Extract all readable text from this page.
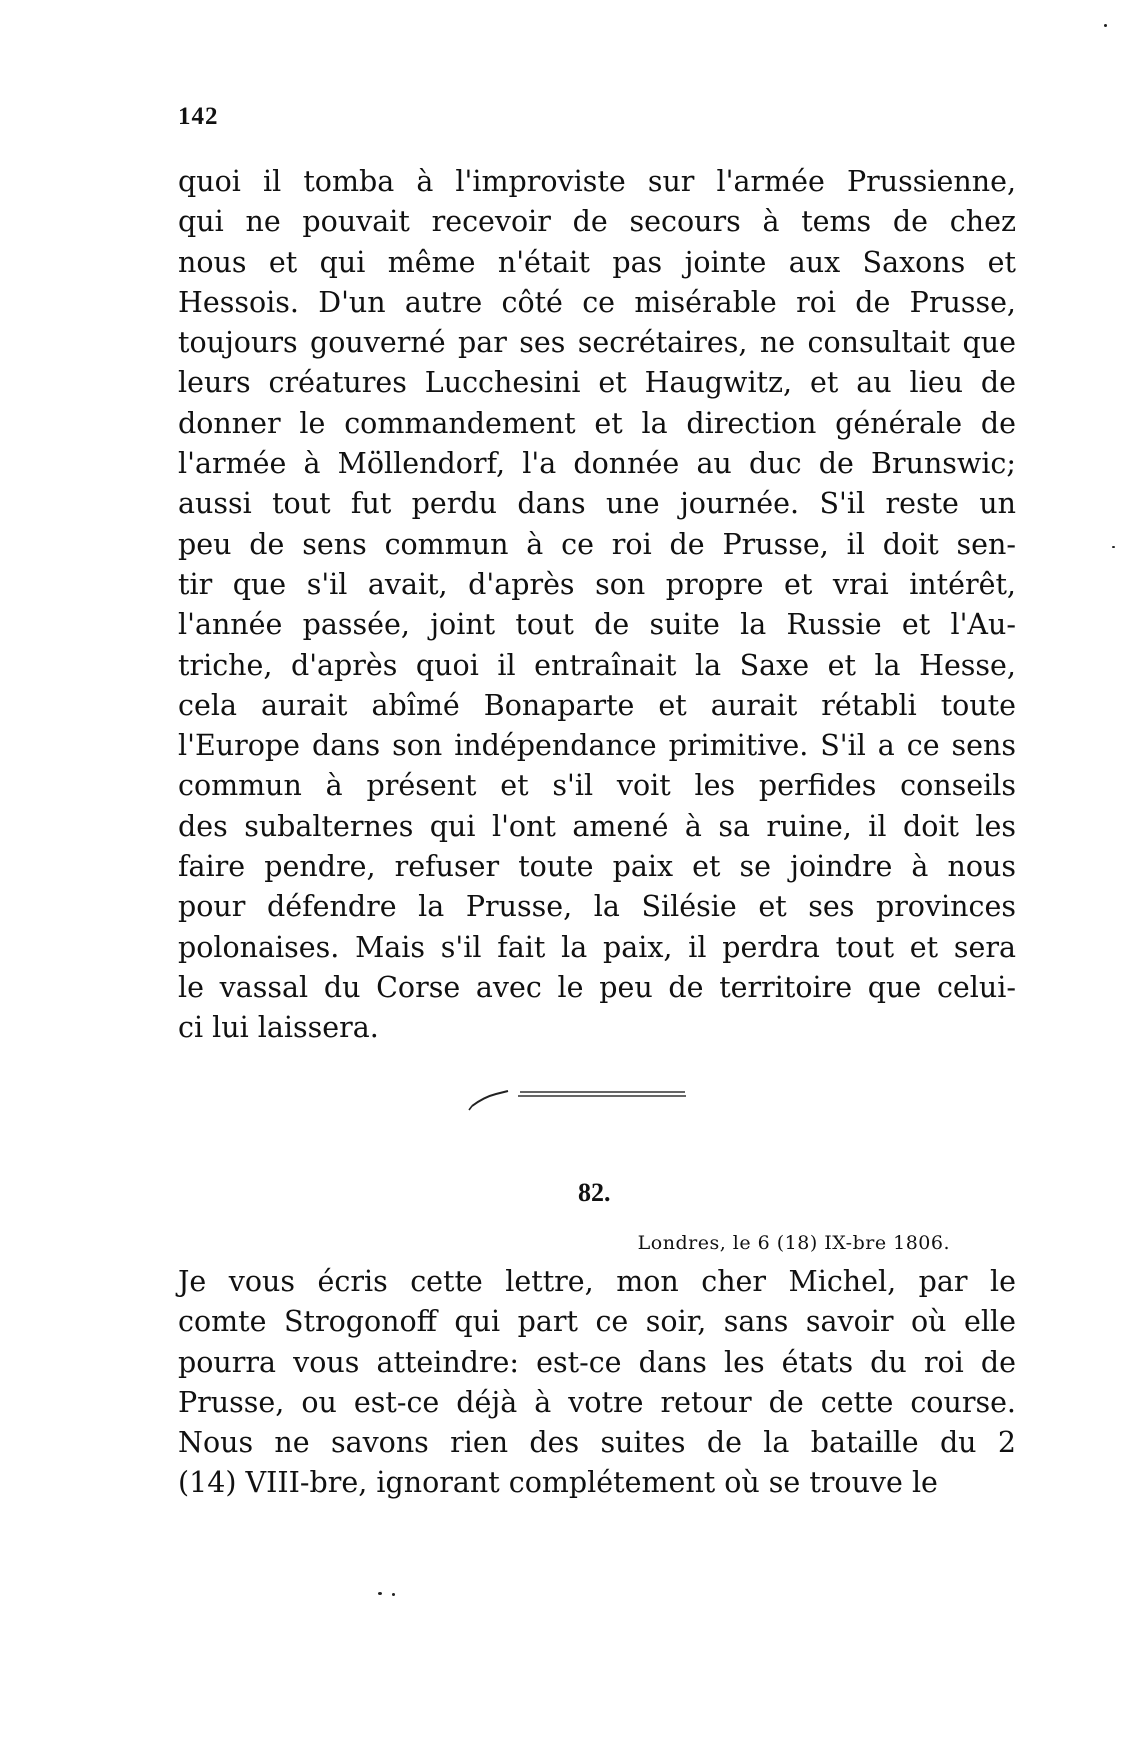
142
quoi il tomba à l'improviste sur l'armée Prussienne,
qui ne pouvait recevoir de secours à tems de chez
nous et qui même n'était pas jointe aux Saxons et
Hessois. D'un autre côté ce misérable roi de Prusse,
toujours gouverné par ses secrétaires, ne consultait que
leurs créatures Lucchesini et Haugwitz, et au lieu de
donner le commandement et la direction générale de
l'armée à Möllendorf, l'a donnée au duc de Brunswic;
aussi tout fut perdu dans une journée. S'il reste un
peu de sens commun à ce roi de Prusse, il doit sen-
tir que s'il avait, d'après son propre et vrai intérêt,
l'année passée, joint tout de suite la Russie et l'Au-
triche, d'après quoi il entraînait la Saxe et la Hesse,
cela aurait abîmé Bonaparte et aurait rétabli toute
l'Europe dans son indépendance primitive. S'il a ce sens
commun à présent et s'il voit les perfides conseils
des subalternes qui l'ont amené à sa ruine, il doit les
faire pendre, refuser toute paix et se joindre à nous
pour défendre la Prusse, la Silésie et ses provinces
polonaises. Mais s'il fait la paix, il perdra tout et sera
le vassal du Corse avec le peu de territoire que celui-
ci lui laissera.
82.
Londres, le 6 (18) IX-bre 1806.
Je vous écris cette lettre, mon cher Michel, par le
comte Strogonoff qui part ce soir, sans savoir où elle
pourra vous atteindre: est-ce dans les états du roi de
Prusse, ou est-ce déjà à votre retour de cette course.
Nous ne savons rien des suites de la bataille du 2
(14) VIII-bre, ignorant complétement où se trouve le
